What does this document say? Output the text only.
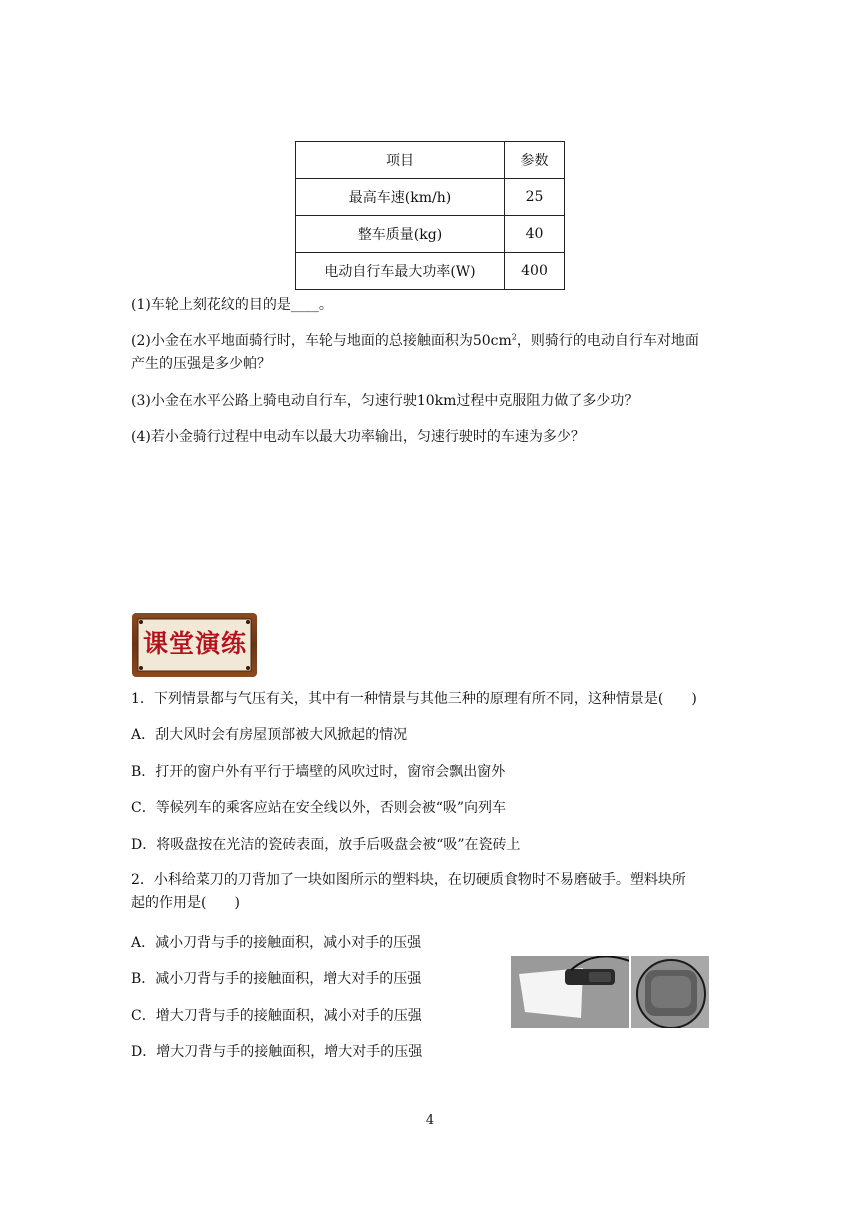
项目	参数
最高车速(km/h)	25
整车质量(kg)	40
电动自行车最大功率(W)	400
(1)车轮上刻花纹的目的是____。
(2)小金在水平地面骑行时，车轮与地面的总接触面积为$50cm^2$，则骑行的电动自行车对地面
产生的压强是多少帕？
(3)小金在水平公路上骑电动自行车，匀速行驶10km过程中克服阻力做了多少功？
(4)若小金骑行过程中电动车以最大功率输出，匀速行驶时的车速为多少？
课堂演练
1．下列情景都与气压有关，其中有一种情景与其他三种的原理有所不同，这种情景是(　　)
A．刮大风时会有房屋顶部被大风掀起的情况
B．打开的窗户外有平行于墙壁的风吹过时，窗帘会飘出窗外
C．等候列车的乘客应站在安全线以外，否则会被“吸”向列车
D．将吸盘按在光洁的瓷砖表面，放手后吸盘会被“吸”在瓷砖上
2．小科给菜刀的刀背加了一块如图所示的塑料块，在切硬质食物时不易磨破手。塑料块所
起的作用是(　　)
A．减小刀背与手的接触面积，减小对手的压强
B．减小刀背与手的接触面积，增大对手的压强
C．增大刀背与手的接触面积，减小对手的压强
D．增大刀背与手的接触面积，增大对手的压强
4
